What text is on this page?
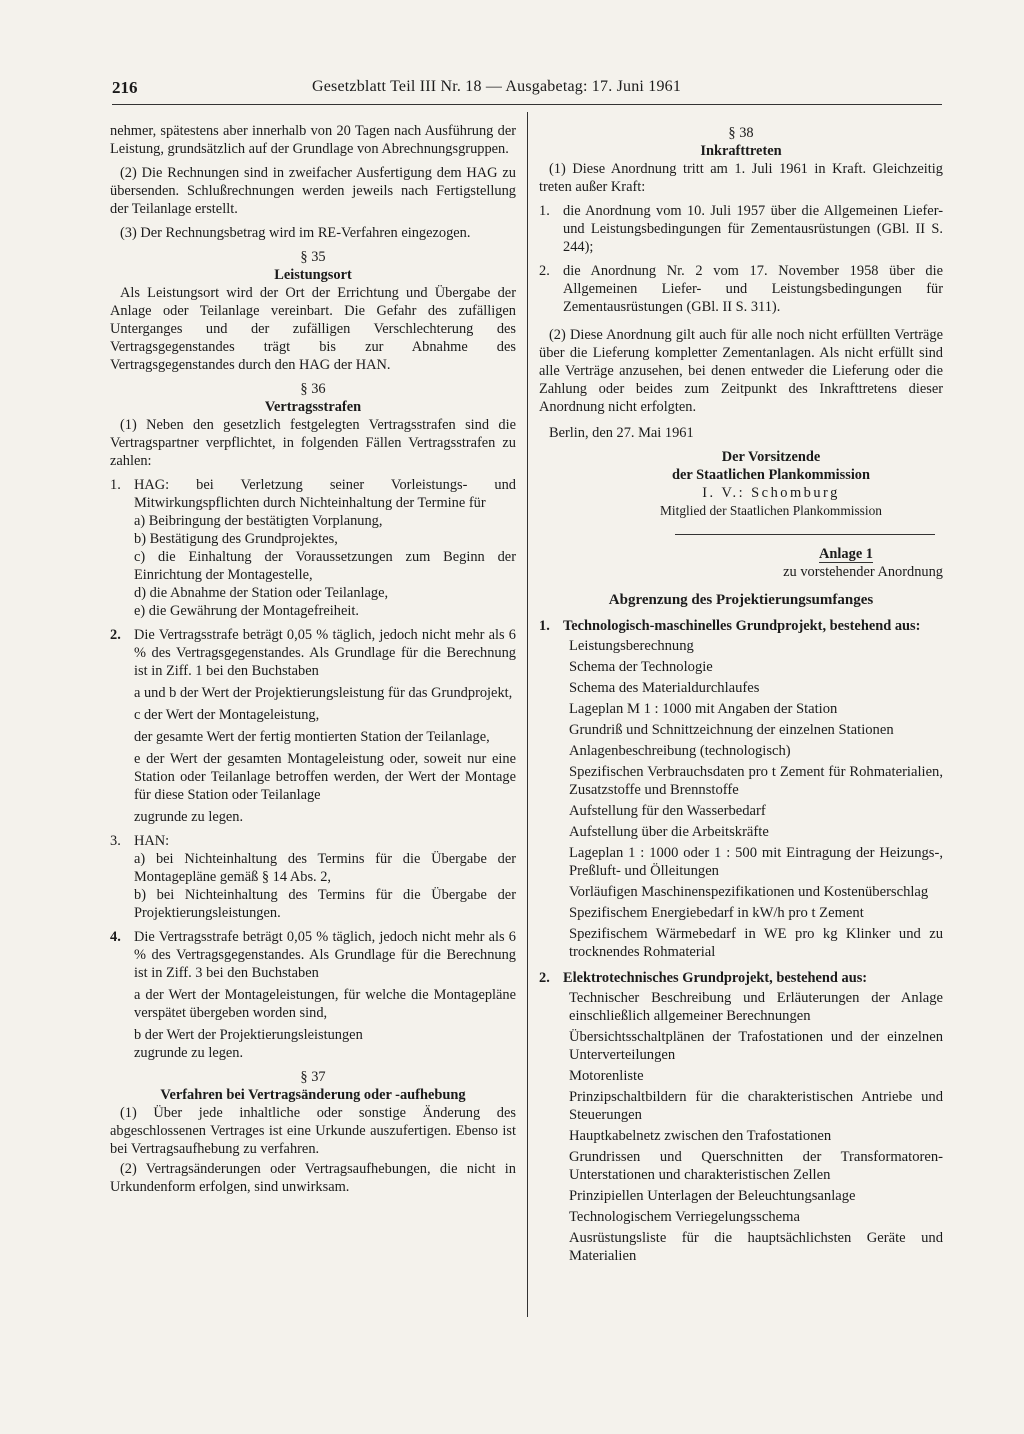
216	Gesetzblatt Teil III Nr. 18 — Ausgabetag: 17. Juni 1961

nehmer, spätestens aber innerhalb von 20 Tagen nach Ausführung der Leistung, grundsätzlich auf der Grundlage von Abrechnungsgruppen.

(2) Die Rechnungen sind in zweifacher Ausfertigung dem HAG zu übersenden. Schlußrechnungen werden jeweils nach Fertigstellung der Teilanlage erstellt.

(3) Der Rechnungsbetrag wird im RE-Verfahren eingezogen.

§ 35
Leistungsort

Als Leistungsort wird der Ort der Errichtung und Übergabe der Anlage oder Teilanlage vereinbart. Die Gefahr des zufälligen Unterganges und der zufälligen Verschlechterung des Vertragsgegenstandes trägt bis zur Abnahme des Vertragsgegenstandes durch den HAG der HAN.

§ 36
Vertragsstrafen

(1) Neben den gesetzlich festgelegten Vertragsstrafen sind die Vertragspartner verpflichtet, in folgenden Fällen Vertragsstrafen zu zahlen:

1. HAG: bei Verletzung seiner Vorleistungs- und Mitwirkungspflichten durch Nichteinhaltung der Termine für
a) Beibringung der bestätigten Vorplanung,
b) Bestätigung des Grundprojektes,
c) die Einhaltung der Voraussetzungen zum Beginn der Einrichtung der Montagestelle,
d) die Abnahme der Station oder Teilanlage,
e) die Gewährung der Montagefreiheit.
2. Die Vertragsstrafe beträgt 0,05 % täglich, jedoch nicht mehr als 6 % des Vertragsgegenstandes. Als Grundlage für die Berechnung ist in Ziff. 1 bei den Buchstaben
a und b der Wert der Projektierungsleistung für das Grundprojekt,
c der Wert der Montageleistung,
der gesamte Wert der fertig montierten Station der Teilanlage,
e der Wert der gesamten Montageleistung oder, soweit nur eine Station oder Teilanlage betroffen werden, der Wert der Montage für diese Station oder Teilanlage
zugrunde zu legen.
3. HAN:
a) bei Nichteinhaltung des Termins für die Übergabe der Montagepläne gemäß § 14 Abs. 2,
b) bei Nichteinhaltung des Termins für die Übergabe der Projektierungsleistungen.
4. Die Vertragsstrafe beträgt 0,05 % täglich, jedoch nicht mehr als 6 % des Vertragsgegenstandes. Als Grundlage für die Berechnung ist in Ziff. 3 bei den Buchstaben
a der Wert der Montageleistungen, für welche die Montagepläne verspätet übergeben worden sind,
b der Wert der Projektierungsleistungen
zugrunde zu legen.
§ 37
Verfahren bei Vertragsänderung oder -aufhebung

(1) Über jede inhaltliche oder sonstige Änderung des abgeschlossenen Vertrages ist eine Urkunde auszufertigen. Ebenso ist bei Vertragsaufhebung zu verfahren.

(2) Vertragsänderungen oder Vertragsaufhebungen, die nicht in Urkundenform erfolgen, sind unwirksam.

§ 38
Inkrafttreten

(1) Diese Anordnung tritt am 1. Juli 1961 in Kraft. Gleichzeitig treten außer Kraft:

1. die Anordnung vom 10. Juli 1957 über die Allgemeinen Liefer- und Leistungsbedingungen für Zementausrüstungen (GBl. II S. 244);
2. die Anordnung Nr. 2 vom 17. November 1958 über die Allgemeinen Liefer- und Leistungsbedingungen für Zementausrüstungen (GBl. II S. 311).

(2) Diese Anordnung gilt auch für alle noch nicht erfüllten Verträge über die Lieferung kompletter Zementanlagen. Als nicht erfüllt sind alle Verträge anzusehen, bei denen entweder die Lieferung oder die Zahlung oder beides zum Zeitpunkt des Inkrafttretens dieser Anordnung nicht erfolgten.

Berlin, den 27. Mai 1961

Der Vorsitzende
der Staatlichen Plankommission
I. V.: Schomburg
Mitglied der Staatlichen Plankommission
Anlage 1
zu vorstehender Anordnung
Abgrenzung des Projektierungsumfanges
1. Technologisch-maschinelles Grundprojekt, bestehend aus:
Leistungsberechnung
Schema der Technologie
Schema des Materialdurchlaufes
Lageplan M 1 : 1000 mit Angaben der Station
Grundriß und Schnittzeichnung der einzelnen Stationen
Anlagenbeschreibung (technologisch)
Spezifischen Verbrauchsdaten pro t Zement für Rohmaterialien, Zusatzstoffe und Brennstoffe
Aufstellung für den Wasserbedarf
Aufstellung über die Arbeitskräfte
Lageplan 1 : 1000 oder 1 : 500 mit Eintragung der Heizungs-, Preßluft- und Ölleitungen
Vorläufigen Maschinenspezifikationen und Kostenüberschlag
Spezifischem Energiebedarf in kW/h pro t Zement
Spezifischem Wärmebedarf in WE pro kg Klinker und zu trocknendes Rohmaterial
2. Elektrotechnisches Grundprojekt, bestehend aus:
Technischer Beschreibung und Erläuterungen der Anlage einschließlich allgemeiner Berechnungen
Übersichtsschaltplänen der Trafostationen und der einzelnen Unterverteilungen
Motorenliste
Prinzipschaltbildern für die charakteristischen Antriebe und Steuerungen
Hauptkabelnetz zwischen den Trafostationen
Grundrissen und Querschnitten der Transformatoren-Unterstationen und charakteristischen Zellen
Prinzipiellen Unterlagen der Beleuchtungsanlage
Technologischem Verriegelungsschema
Ausrüstungsliste für die hauptsächlichsten Geräte und Materialien
